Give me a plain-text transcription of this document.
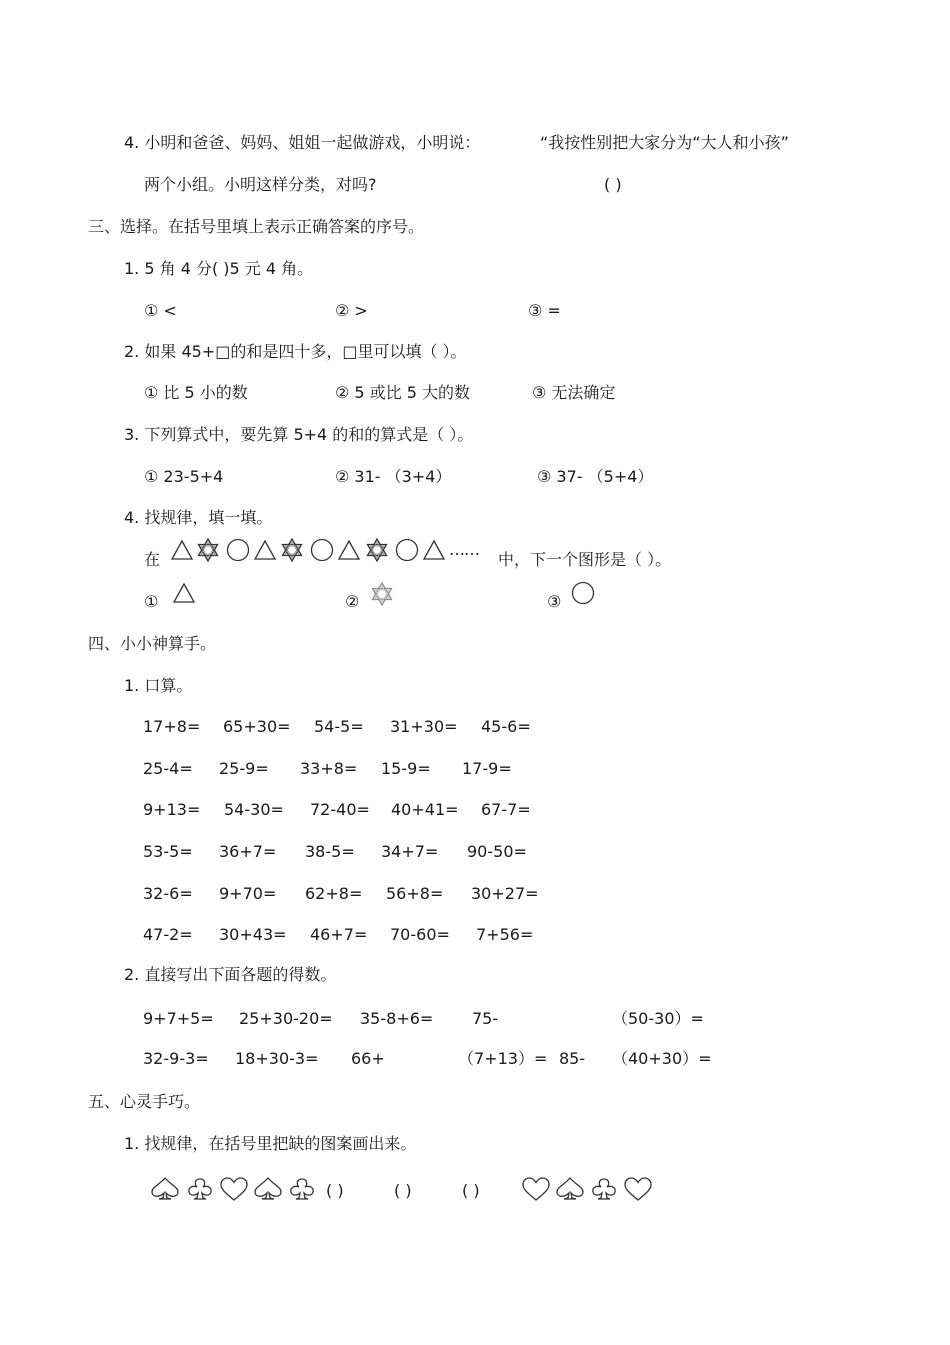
4. 小明和爸爸、妈妈、姐姐一起做游戏，小明说：	“我按性别把大家分为“大人和小孩”
两个小组。小明这样分类，对吗?	( )
三、选择。在括号里填上表示正确答案的序号。
1. 5 角 4 分( )5 元 4 角。
① <	② >	③ =
2. 如果 45+□的和是四十多，□里可以填（ ）。
① 比 5 小的数	② 5 或比 5 大的数	③ 无法确定
3. 下列算式中，要先算 5+4 的和的算式是（ ）。
① 23-5+4	② 31- （3+4）	③ 37- （5+4）
4. 找规律，填一填。
在
……
中，下一个图形是（ ）。
①	②	③
四、小小神算手。
1. 口算。
17+8= 65+30= 54-5= 31+30= 45-6=
25-4= 25-9= 33+8= 15-9= 17-9=
9+13= 54-30= 72-40= 40+41= 67-7=
53-5= 36+7= 38-5= 34+7= 90-50=
32-6= 9+70= 62+8= 56+8= 30+27=
47-2= 30+43= 46+7= 70-60= 7+56=
2. 直接写出下面各题的得数。
9+7+5= 25+30-20= 35-8+6= 75-	（50-30）=
32-9-3= 18+30-3= 66+	（7+13）= 85- （40+30）=
五、心灵手巧。
1. 找规律，在括号里把缺的图案画出来。
( )	( )	( )
